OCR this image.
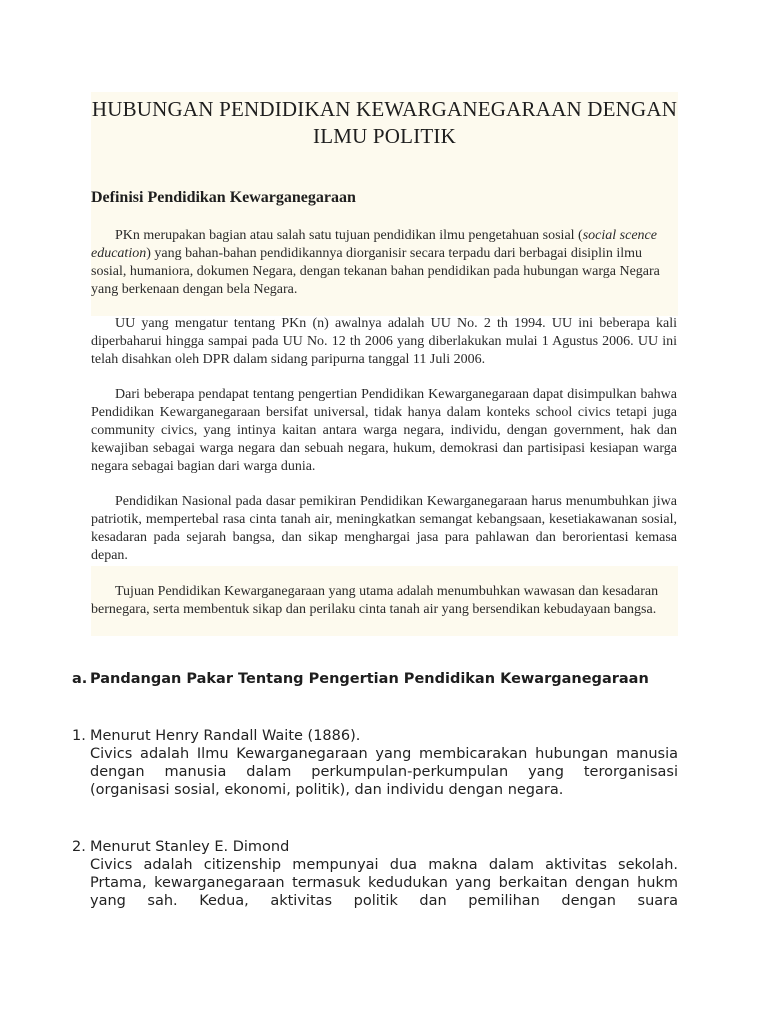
HUBUNGAN PENDIDIKAN KEWARGANEGARAAN DENGAN ILMU POLITIK
Definisi Pendidikan Kewarganegaraan

PKn merupakan bagian atau salah satu tujuan pendidikan ilmu pengetahuan sosial (social scence education) yang bahan-bahan pendidikannya diorganisir secara terpadu dari berbagai disiplin ilmu sosial, humaniora, dokumen Negara, dengan tekanan bahan pendidikan pada hubungan warga Negara yang berkenaan dengan bela Negara.

UU yang mengatur tentang PKn (n) awalnya adalah UU No. 2 th 1994. UU ini beberapa kali diperbaharui hingga sampai pada UU No. 12 th 2006 yang diberlakukan mulai 1 Agustus 2006. UU ini telah disahkan oleh DPR dalam sidang paripurna tanggal 11 Juli 2006.

Dari beberapa pendapat tentang pengertian Pendidikan Kewarganegaraan dapat disimpulkan bahwa Pendidikan Kewarganegaraan bersifat universal, tidak hanya dalam konteks school civics tetapi juga community civics, yang intinya kaitan antara warga negara, individu, dengan government, hak dan kewajiban sebagai warga negara dan sebuah negara, hukum, demokrasi dan partisipasi kesiapan warga negara sebagai bagian dari warga dunia.

Pendidikan Nasional pada dasar pemikiran Pendidikan Kewarganegaraan harus menumbuhkan jiwa patriotik, mempertebal rasa cinta tanah air, meningkatkan semangat kebangsaan, kesetiakawanan sosial, kesadaran pada sejarah bangsa, dan sikap menghargai jasa para pahlawan dan berorientasi kemasa depan.

Tujuan Pendidikan Kewarganegaraan yang utama adalah menumbuhkan wawasan dan kesadaran bernegara, serta membentuk sikap dan perilaku cinta tanah air yang bersendikan kebudayaan bangsa.

a. Pandangan Pakar Tentang Pengertian Pendidikan Kewarganegaraan
1. Menurut Henry Randall Waite (1886).
Civics adalah Ilmu Kewarganegaraan yang membicarakan hubungan manusia dengan manusia dalam perkumpulan-perkumpulan yang terorganisasi (organisasi sosial, ekonomi, politik), dan individu dengan negara.
2. Menurut Stanley E. Dimond
Civics adalah citizenship mempunyai dua makna dalam aktivitas sekolah. Prtama, kewarganegaraan termasuk kedudukan yang berkaitan dengan hukm yang sah. Kedua, aktivitas politik dan pemilihan dengan suara
